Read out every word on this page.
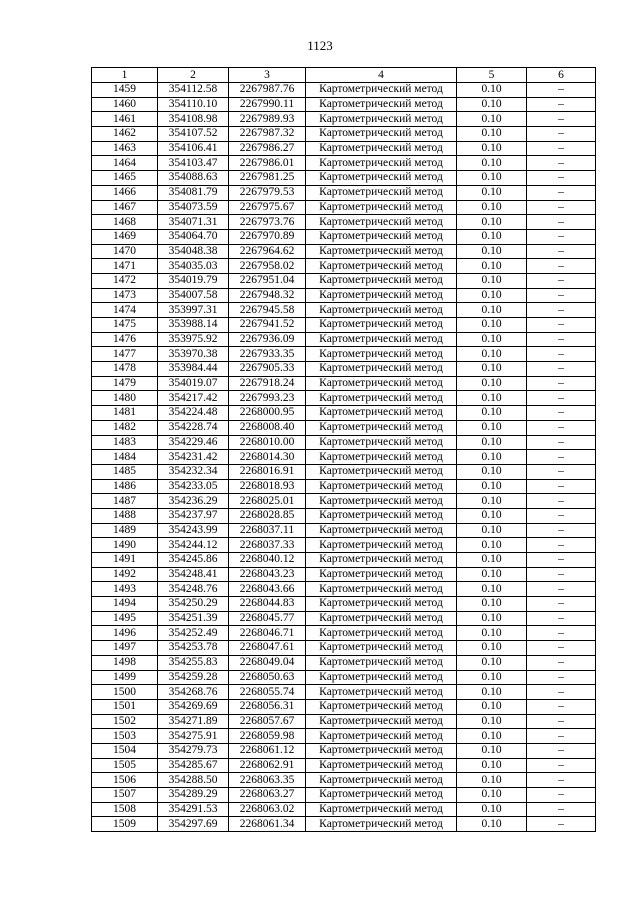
1123
1	2	3	4	5	6
1459	354112.58	2267987.76	Картометрический метод	0.10	–
1460	354110.10	2267990.11	Картометрический метод	0.10	–
1461	354108.98	2267989.93	Картометрический метод	0.10	–
1462	354107.52	2267987.32	Картометрический метод	0.10	–
1463	354106.41	2267986.27	Картометрический метод	0.10	–
1464	354103.47	2267986.01	Картометрический метод	0.10	–
1465	354088.63	2267981.25	Картометрический метод	0.10	–
1466	354081.79	2267979.53	Картометрический метод	0.10	–
1467	354073.59	2267975.67	Картометрический метод	0.10	–
1468	354071.31	2267973.76	Картометрический метод	0.10	–
1469	354064.70	2267970.89	Картометрический метод	0.10	–
1470	354048.38	2267964.62	Картометрический метод	0.10	–
1471	354035.03	2267958.02	Картометрический метод	0.10	–
1472	354019.79	2267951.04	Картометрический метод	0.10	–
1473	354007.58	2267948.32	Картометрический метод	0.10	–
1474	353997.31	2267945.58	Картометрический метод	0.10	–
1475	353988.14	2267941.52	Картометрический метод	0.10	–
1476	353975.92	2267936.09	Картометрический метод	0.10	–
1477	353970.38	2267933.35	Картометрический метод	0.10	–
1478	353984.44	2267905.33	Картометрический метод	0.10	–
1479	354019.07	2267918.24	Картометрический метод	0.10	–
1480	354217.42	2267993.23	Картометрический метод	0.10	–
1481	354224.48	2268000.95	Картометрический метод	0.10	–
1482	354228.74	2268008.40	Картометрический метод	0.10	–
1483	354229.46	2268010.00	Картометрический метод	0.10	–
1484	354231.42	2268014.30	Картометрический метод	0.10	–
1485	354232.34	2268016.91	Картометрический метод	0.10	–
1486	354233.05	2268018.93	Картометрический метод	0.10	–
1487	354236.29	2268025.01	Картометрический метод	0.10	–
1488	354237.97	2268028.85	Картометрический метод	0.10	–
1489	354243.99	2268037.11	Картометрический метод	0.10	–
1490	354244.12	2268037.33	Картометрический метод	0.10	–
1491	354245.86	2268040.12	Картометрический метод	0.10	–
1492	354248.41	2268043.23	Картометрический метод	0.10	–
1493	354248.76	2268043.66	Картометрический метод	0.10	–
1494	354250.29	2268044.83	Картометрический метод	0.10	–
1495	354251.39	2268045.77	Картометрический метод	0.10	–
1496	354252.49	2268046.71	Картометрический метод	0.10	–
1497	354253.78	2268047.61	Картометрический метод	0.10	–
1498	354255.83	2268049.04	Картометрический метод	0.10	–
1499	354259.28	2268050.63	Картометрический метод	0.10	–
1500	354268.76	2268055.74	Картометрический метод	0.10	–
1501	354269.69	2268056.31	Картометрический метод	0.10	–
1502	354271.89	2268057.67	Картометрический метод	0.10	–
1503	354275.91	2268059.98	Картометрический метод	0.10	–
1504	354279.73	2268061.12	Картометрический метод	0.10	–
1505	354285.67	2268062.91	Картометрический метод	0.10	–
1506	354288.50	2268063.35	Картометрический метод	0.10	–
1507	354289.29	2268063.27	Картометрический метод	0.10	–
1508	354291.53	2268063.02	Картометрический метод	0.10	–
1509	354297.69	2268061.34	Картометрический метод	0.10	–
